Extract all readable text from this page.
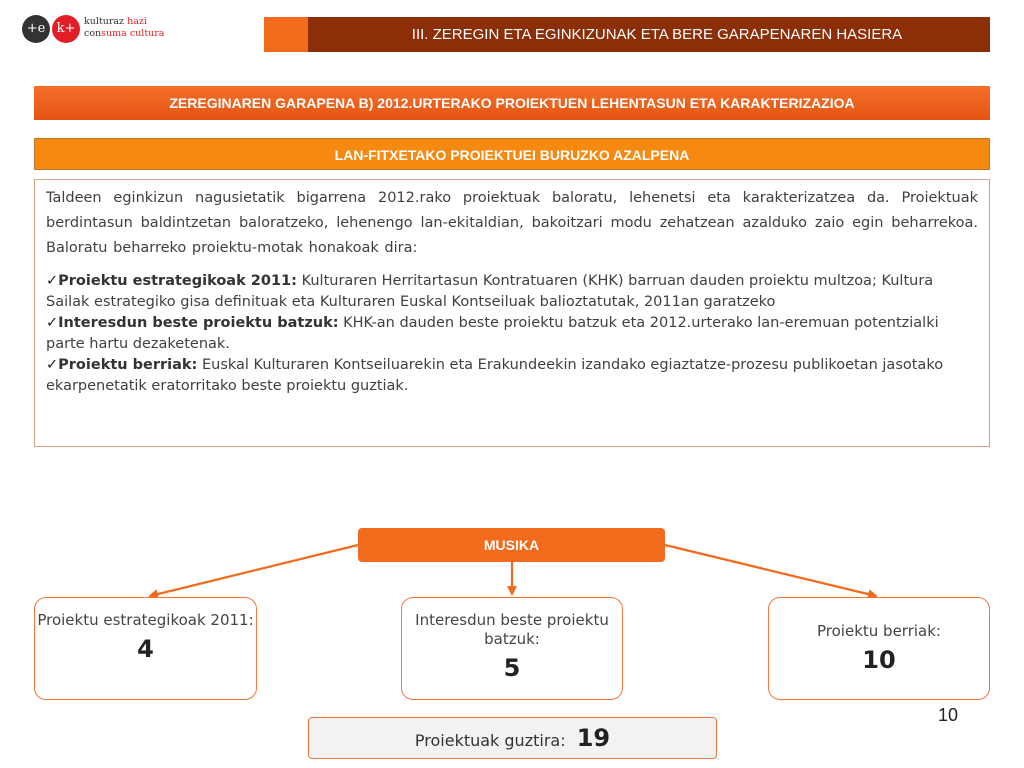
+e k+ kulturaz hazi
consuma cultura	III. ZEREGIN ETA EGINKIZUNAK ETA BERE GARAPENAREN HASIERA
ZEREGINAREN GARAPENA B) 2012.URTERAKO PROIEKTUEN LEHENTASUN ETA KARAKTERIZAZIOA
LAN-FITXETAKO PROIEKTUEI BURUZKO AZALPENA

Taldeen eginkizun nagusietatik bigarrena 2012.rako proiektuak baloratu, lehenetsi eta karakterizatzea da. Proiektuak berdintasun baldintzetan baloratzeko, lehenengo lan-ekitaldian, bakoitzari modu zehatzean azalduko zaio egin beharrekoa. Baloratu beharreko proiektu-motak honakoak dira:

✓Proiektu estrategikoak 2011: Kulturaren Herritartasun Kontratuaren (KHK) barruan dauden proiektu multzoa; Kultura Sailak estrategiko gisa definituak eta Kulturaren Euskal Kontseiluak balioztatutak, 2011an garatzeko

✓Interesdun beste proiektu batzuk: KHK-an dauden beste proiektu batzuk eta 2012.urterako lan-eremuan potentzialki parte hartu dezaketenak.

✓Proiektu berriak: Euskal Kulturaren Kontseiluarekin eta Erakundeekin izandako egiaztatze-prozesu publikoetan jasotako ekarpenetatik eratorritako beste proiektu guztiak.

MUSIKA
Proiektu estrategikoak 2011:
4
Interesdun beste proiektu batzuk:
5
Proiektu berriak:
10
10
Proiektuak guztira: 19
